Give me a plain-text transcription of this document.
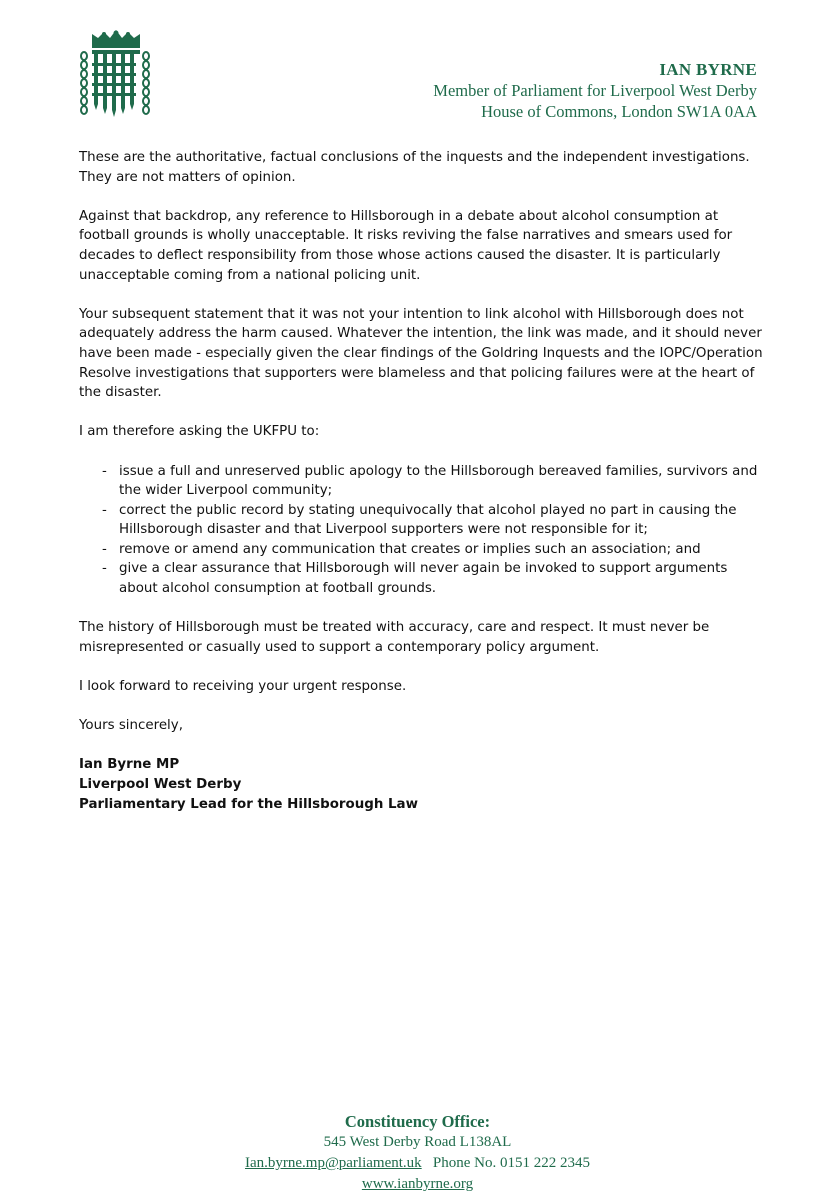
IAN BYRNE
Member of Parliament for Liverpool West Derby
House of Commons, London SW1A 0AA

These are the authoritative, factual conclusions of the inquests and the independent investigations. They are not matters of opinion.

Against that backdrop, any reference to Hillsborough in a debate about alcohol consumption at football grounds is wholly unacceptable. It risks reviving the false narratives and smears used for decades to deflect responsibility from those whose actions caused the disaster. It is particularly unacceptable coming from a national policing unit.

Your subsequent statement that it was not your intention to link alcohol with Hillsborough does not adequately address the harm caused. Whatever the intention, the link was made, and it should never have been made - especially given the clear findings of the Goldring Inquests and the IOPC/Operation Resolve investigations that supporters were blameless and that policing failures were at the heart of the disaster.

I am therefore asking the UKFPU to:

- issue a full and unreserved public apology to the Hillsborough bereaved families, survivors and the wider Liverpool community;
- correct the public record by stating unequivocally that alcohol played no part in causing the Hillsborough disaster and that Liverpool supporters were not responsible for it;
- remove or amend any communication that creates or implies such an association; and
- give a clear assurance that Hillsborough will never again be invoked to support arguments about alcohol consumption at football grounds.

The history of Hillsborough must be treated with accuracy, care and respect. It must never be misrepresented or casually used to support a contemporary policy argument.

I look forward to receiving your urgent response.

Yours sincerely,

Ian Byrne MP
Liverpool West Derby
Parliamentary Lead for the Hillsborough Law
Constituency Office:
545 West Derby Road L138AL
Ian.byrne.mp@parliament.uk Phone No. 0151 222 2345
www.ianbyrne.org
